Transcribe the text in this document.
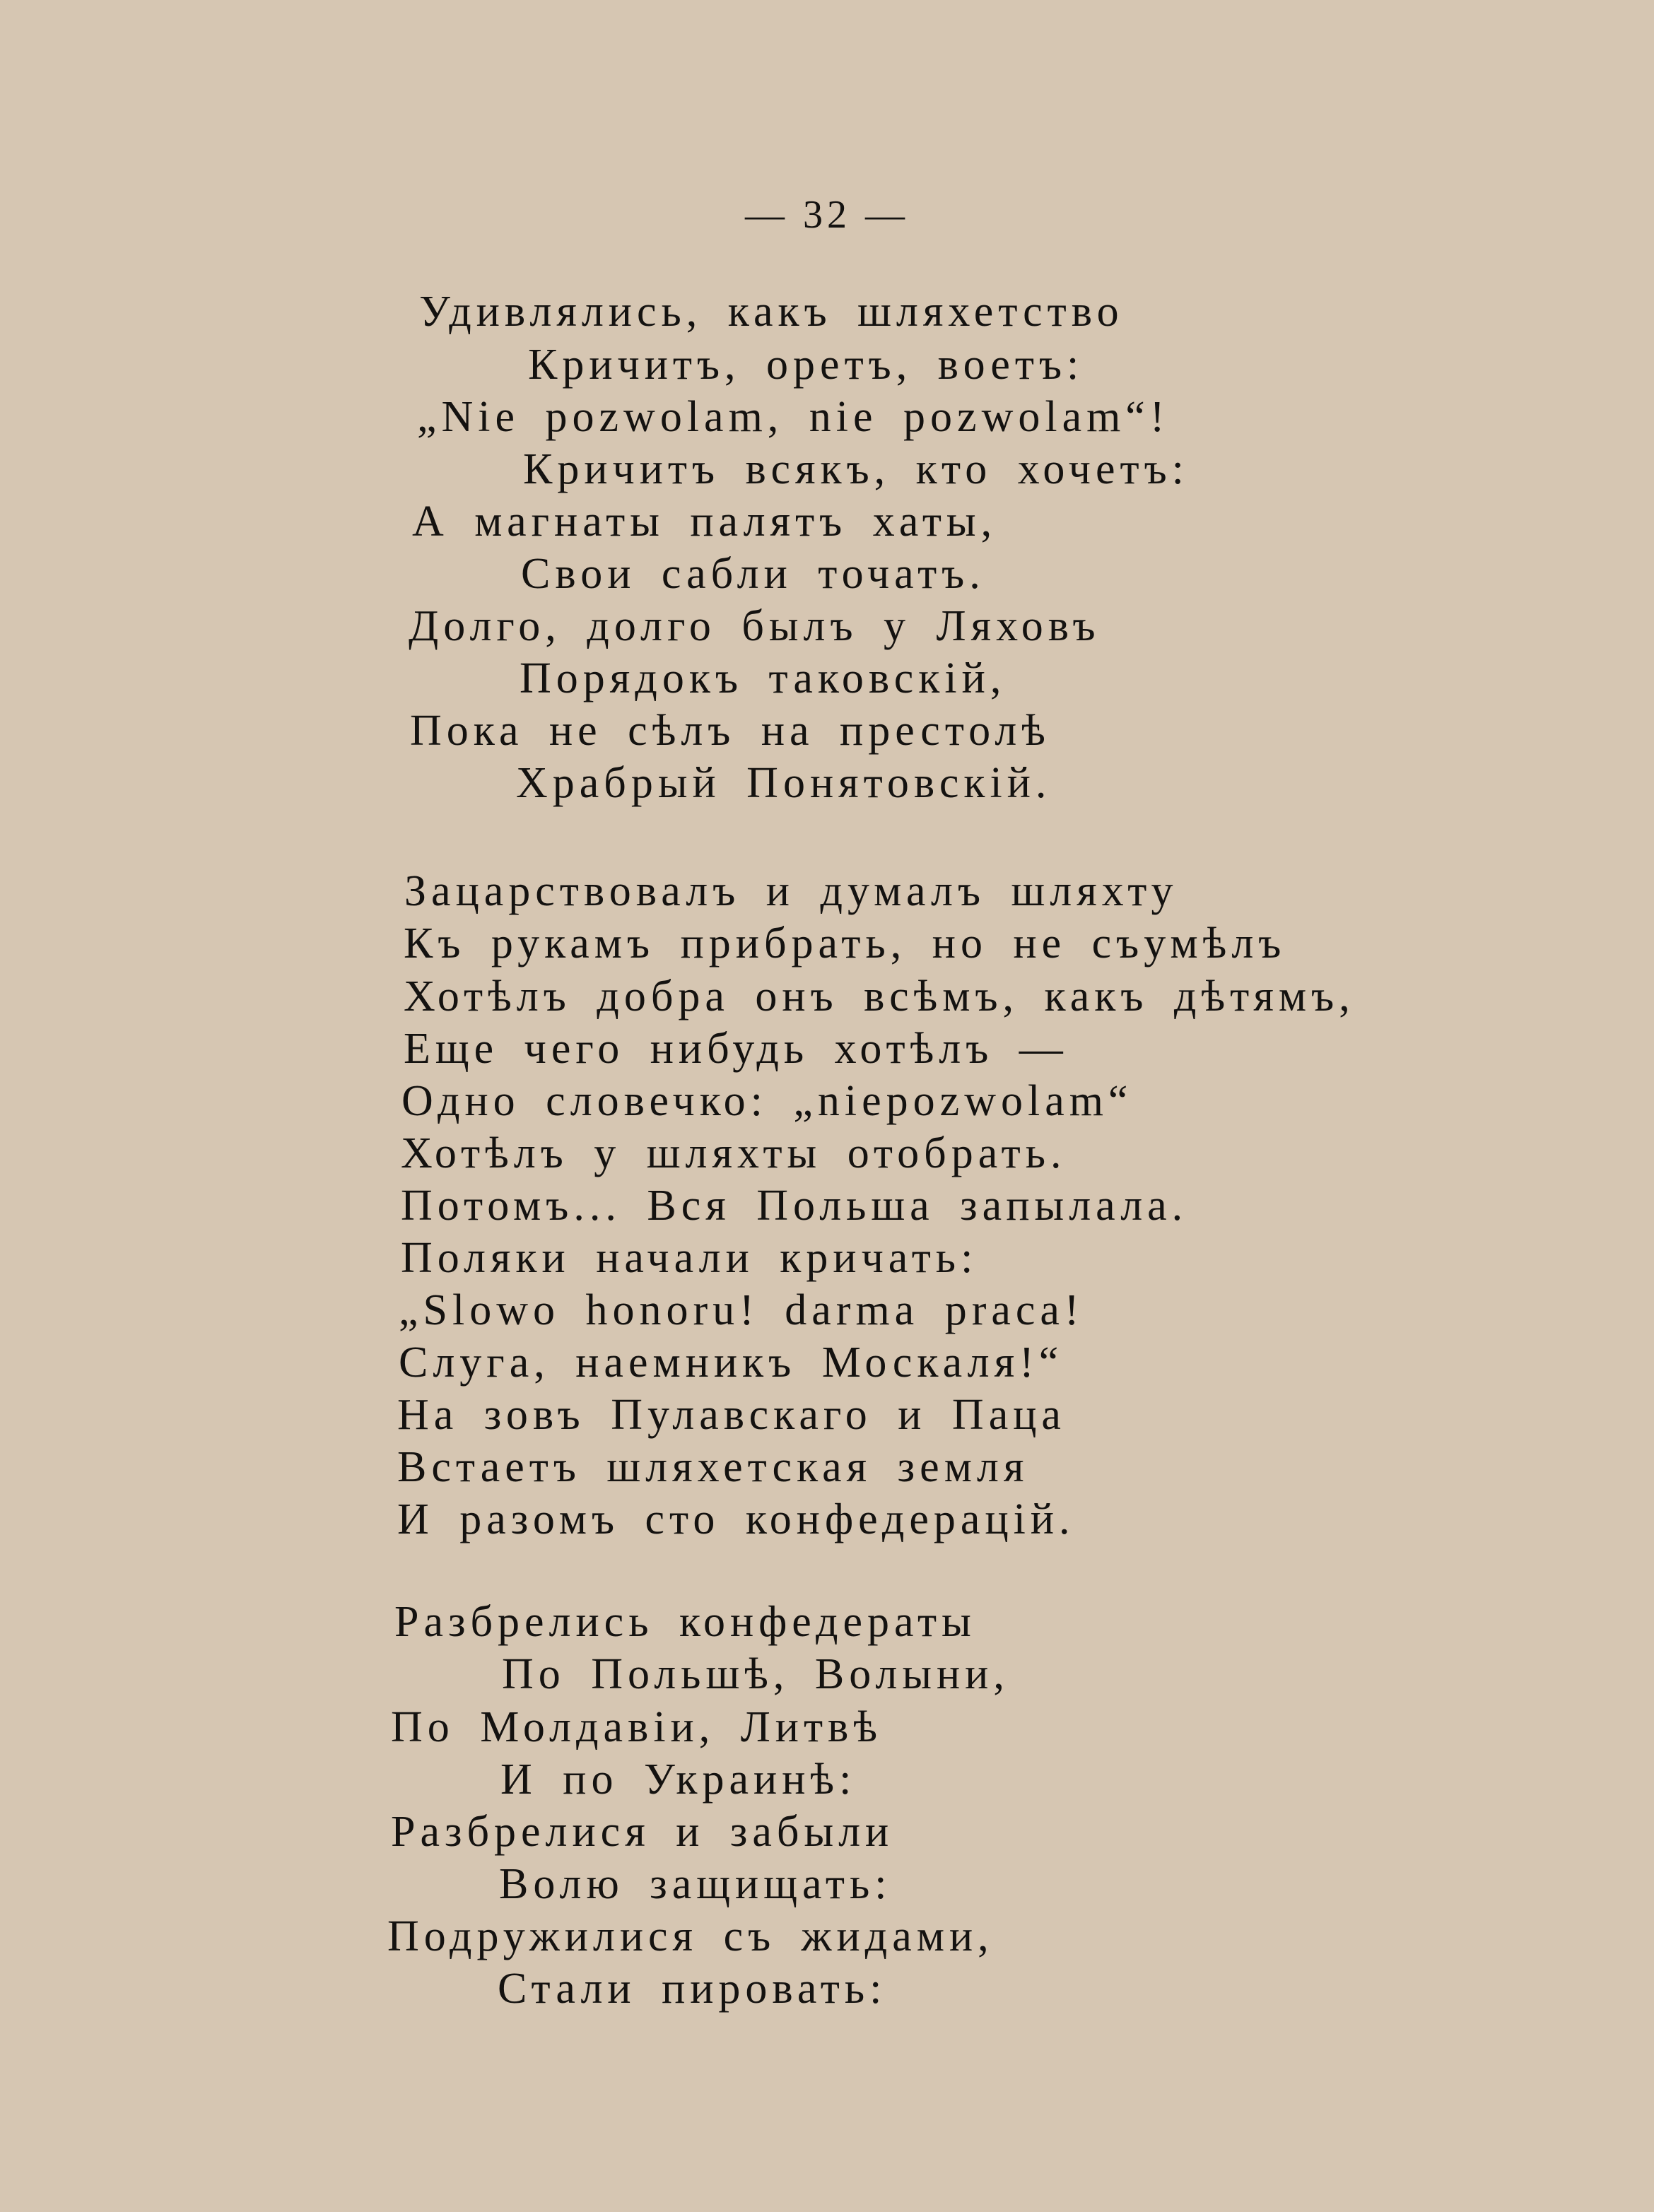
— 32 —
Удивлялись, какъ шляхетство
Кричитъ, оретъ, воетъ:
„Nie pozwolam, nie pozwolam“!
Кричитъ всякъ, кто хочетъ:
А магнаты палятъ хаты,
Свои сабли точатъ.
Долго, долго былъ у Ляховъ
Порядокъ таковскій,
Пока не сѣлъ на престолѣ
Храбрый Понятовскій.
Зацарствовалъ и думалъ шляхту
Къ рукамъ прибрать, но не съумѣлъ
Хотѣлъ добра онъ всѣмъ, какъ дѣтямъ,
Еще чего нибудь хотѣлъ —
Одно словечко: „niepozwolam“
Хотѣлъ у шляхты отобрать.
Потомъ... Вся Польша запылала.
Поляки начали кричать:
„Slowo honoru! darma praca!
Слуга, наемникъ Москаля!“
На зовъ Пулавскаго и Паца
Встаетъ шляхетская земля
И разомъ сто конфедерацій.
Разбрелись конфедераты
По Польшѣ, Волыни,
По Молдавіи, Литвѣ
И по Украинѣ:
Разбрелися и забыли
Волю защищать:
Подружилися съ жидами,
Стали пировать:
